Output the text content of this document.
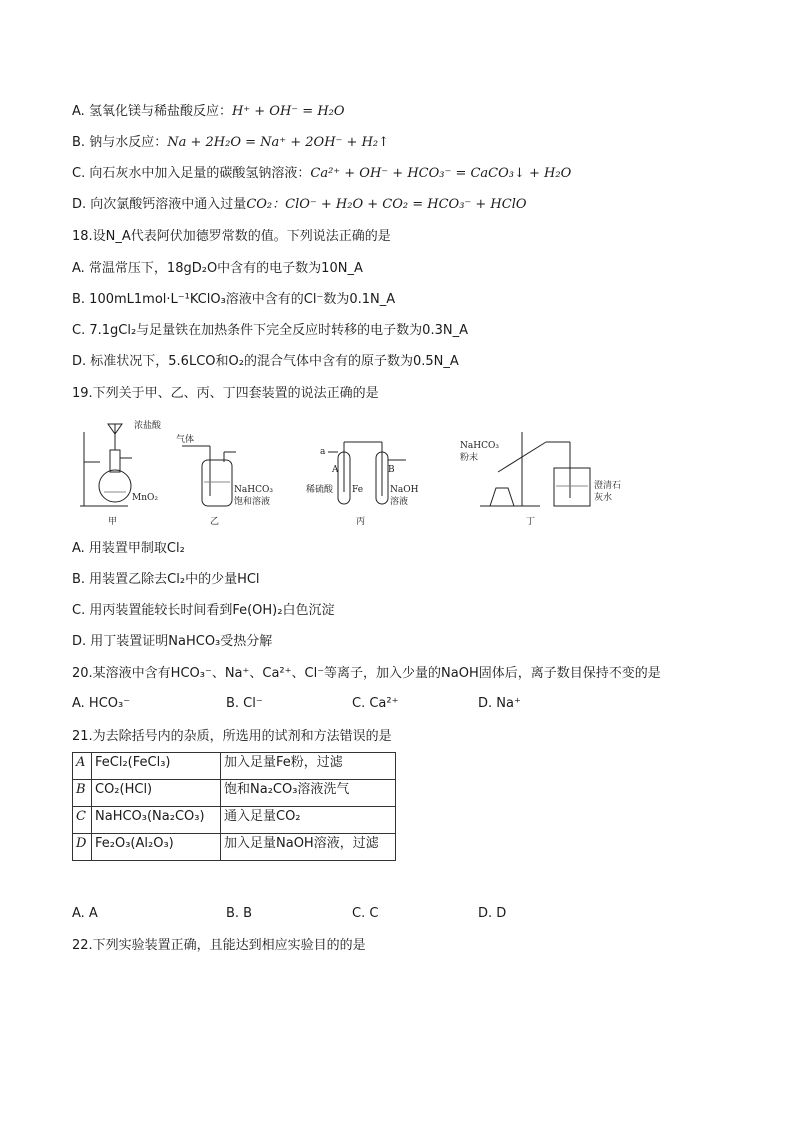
A. 氢氧化镁与稀盐酸反应：H⁺ + OH⁻ = H₂O
B. 钠与水反应：Na + 2H₂O = Na⁺ + 2OH⁻ + H₂↑
C. 向石灰水中加入足量的碳酸氢钠溶液：Ca²⁺ + OH⁻ + HCO₃⁻ = CaCO₃↓ + H₂O
D. 向次氯酸钙溶液中通入过量CO₂：ClO⁻ + H₂O + CO₂ = HCO₃⁻ + HClO
18.设N_A代表阿伏加德罗常数的值。下列说法正确的是
A. 常温常压下，18gD₂O中含有的电子数为10N_A
B. 100mL1mol·L⁻¹KClO₃溶液中含有的Cl⁻数为0.1N_A
C. 7.1gCl₂与足量铁在加热条件下完全反应时转移的电子数为0.3N_A
D. 标准状况下，5.6LCO和O₂的混合气体中含有的原子数为0.5N_A
19.下列关于甲、乙、丙、丁四套装置的说法正确的是
浓盐酸
MnO₂
甲
气体
NaHCO₃
饱和溶液
乙
a
A	B
稀硫酸 Fe	NaOH
溶液
丙
NaHCO₃
粉末
澄清石
灰水
丁
A. 用装置甲制取Cl₂
B. 用装置乙除去Cl₂中的少量HCl
C. 用丙装置能较长时间看到Fe(OH)₂白色沉淀
D. 用丁装置证明NaHCO₃受热分解
20.某溶液中含有HCO₃⁻、Na⁺、Ca²⁺、Cl⁻等离子，加入少量的NaOH固体后，离子数目保持不变的是
A. HCO₃⁻	B. Cl⁻	C. Ca²⁺	D. Na⁺
21.为去除括号内的杂质，所选用的试剂和方法错误的是
A	FeCl₂(FeCl₃)	加入足量Fe粉，过滤
B	CO₂(HCl)	饱和Na₂CO₃溶液洗气
C	NaHCO₃(Na₂CO₃)	通入足量CO₂
D	Fe₂O₃(Al₂O₃)	加入足量NaOH溶液，过滤
A. A	B. B	C. C	D. D
22.下列实验装置正确，且能达到相应实验目的的是
